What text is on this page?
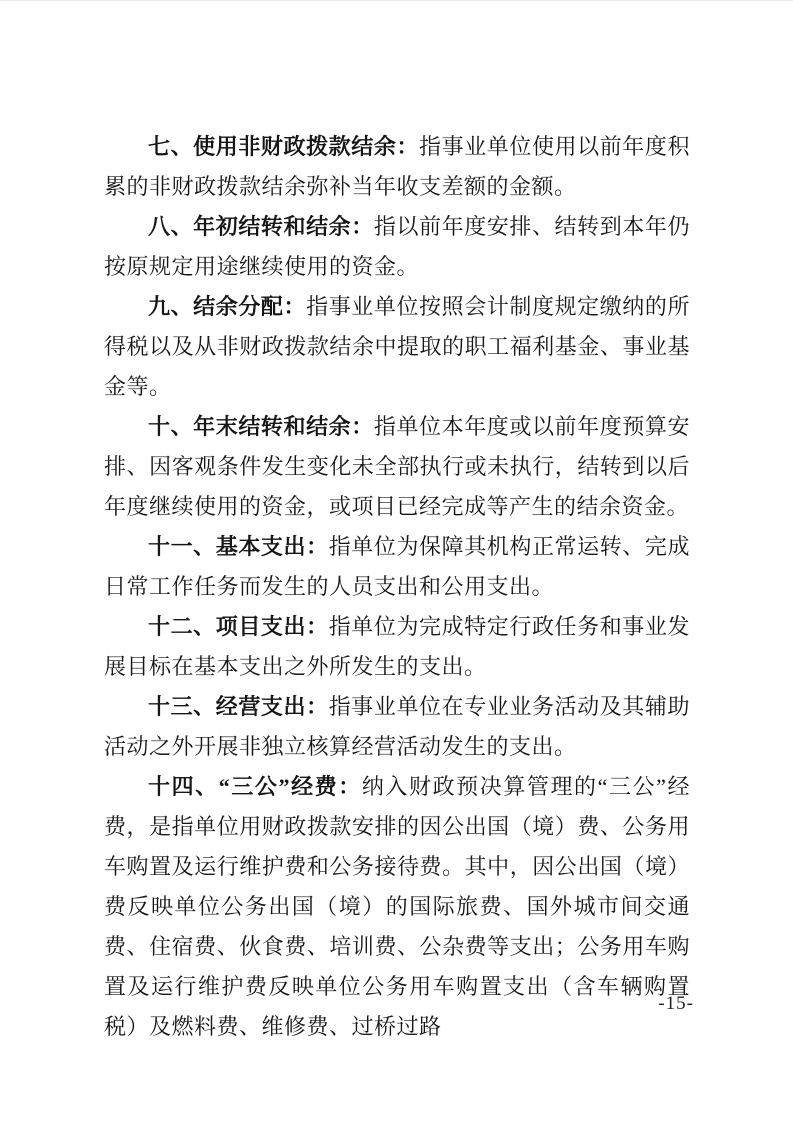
七、使用非财政拨款结余：指事业单位使用以前年度积累的非财政拨款结余弥补当年收支差额的金额。

八、年初结转和结余：指以前年度安排、结转到本年仍按原规定用途继续使用的资金。

九、结余分配：指事业单位按照会计制度规定缴纳的所得税以及从非财政拨款结余中提取的职工福利基金、事业基金等。

十、年末结转和结余：指单位本年度或以前年度预算安排、因客观条件发生变化未全部执行或未执行，结转到以后年度继续使用的资金，或项目已经完成等产生的结余资金。

十一、基本支出：指单位为保障其机构正常运转、完成日常工作任务而发生的人员支出和公用支出。

十二、项目支出：指单位为完成特定行政任务和事业发展目标在基本支出之外所发生的支出。

十三、经营支出：指事业单位在专业业务活动及其辅助活动之外开展非独立核算经营活动发生的支出。

十四、“三公”经费：纳入财政预决算管理的“三公”经费，是指单位用财政拨款安排的因公出国（境）费、公务用车购置及运行维护费和公务接待费。其中，因公出国（境）费反映单位公务出国（境）的国际旅费、国外城市间交通费、住宿费、伙食费、培训费、公杂费等支出；公务用车购置及运行维护费反映单位公务用车购置支出（含车辆购置税）及燃料费、维修费、过桥过路

-15-
